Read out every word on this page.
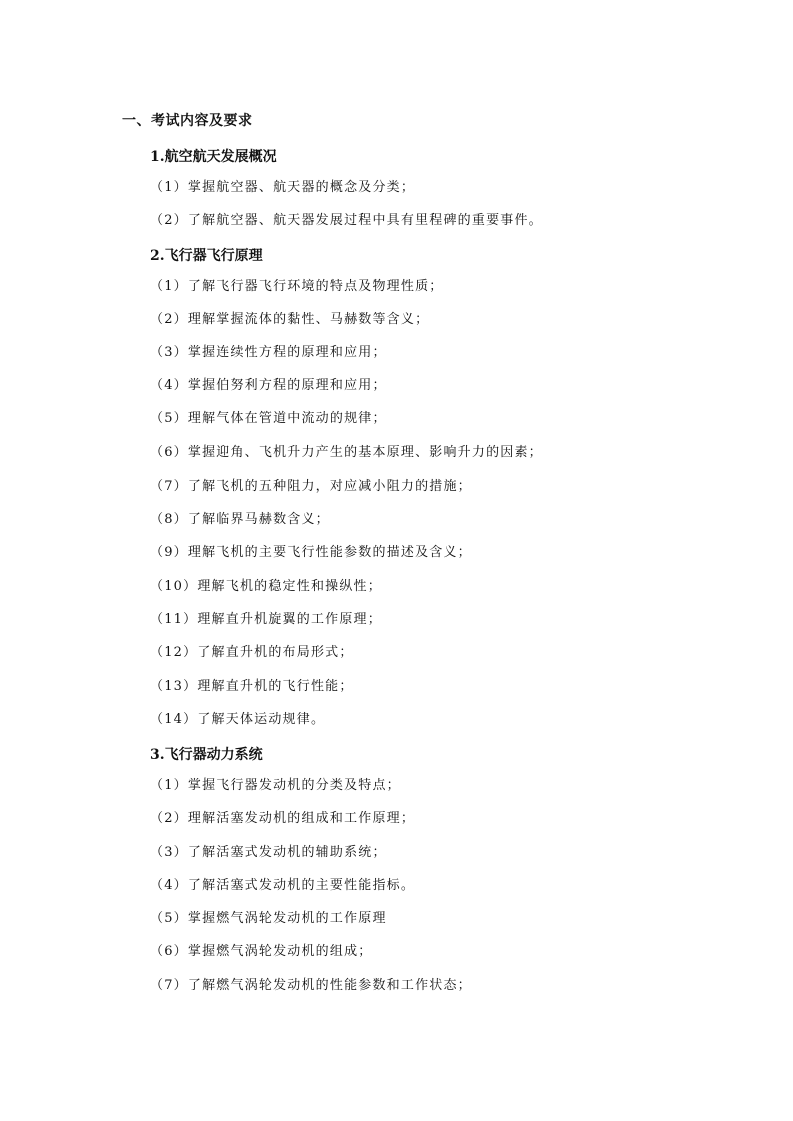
一、考试内容及要求
1.航空航天发展概况
（1）掌握航空器、航天器的概念及分类；
（2）了解航空器、航天器发展过程中具有里程碑的重要事件。
2.飞行器飞行原理
（1）了解飞行器飞行环境的特点及物理性质；
（2）理解掌握流体的黏性、马赫数等含义；
（3）掌握连续性方程的原理和应用；
（4）掌握伯努利方程的原理和应用；
（5）理解气体在管道中流动的规律；
（6）掌握迎角、飞机升力产生的基本原理、影响升力的因素；
（7）了解飞机的五种阻力，对应减小阻力的措施；
（8）了解临界马赫数含义；
（9）理解飞机的主要飞行性能参数的描述及含义；
（10）理解飞机的稳定性和操纵性；
（11）理解直升机旋翼的工作原理；
（12）了解直升机的布局形式；
（13）理解直升机的飞行性能；
（14）了解天体运动规律。
3.飞行器动力系统
（1）掌握飞行器发动机的分类及特点；
（2）理解活塞发动机的组成和工作原理；
（3）了解活塞式发动机的辅助系统；
（4）了解活塞式发动机的主要性能指标。
（5）掌握燃气涡轮发动机的工作原理
（6）掌握燃气涡轮发动机的组成；
（7）了解燃气涡轮发动机的性能参数和工作状态；
